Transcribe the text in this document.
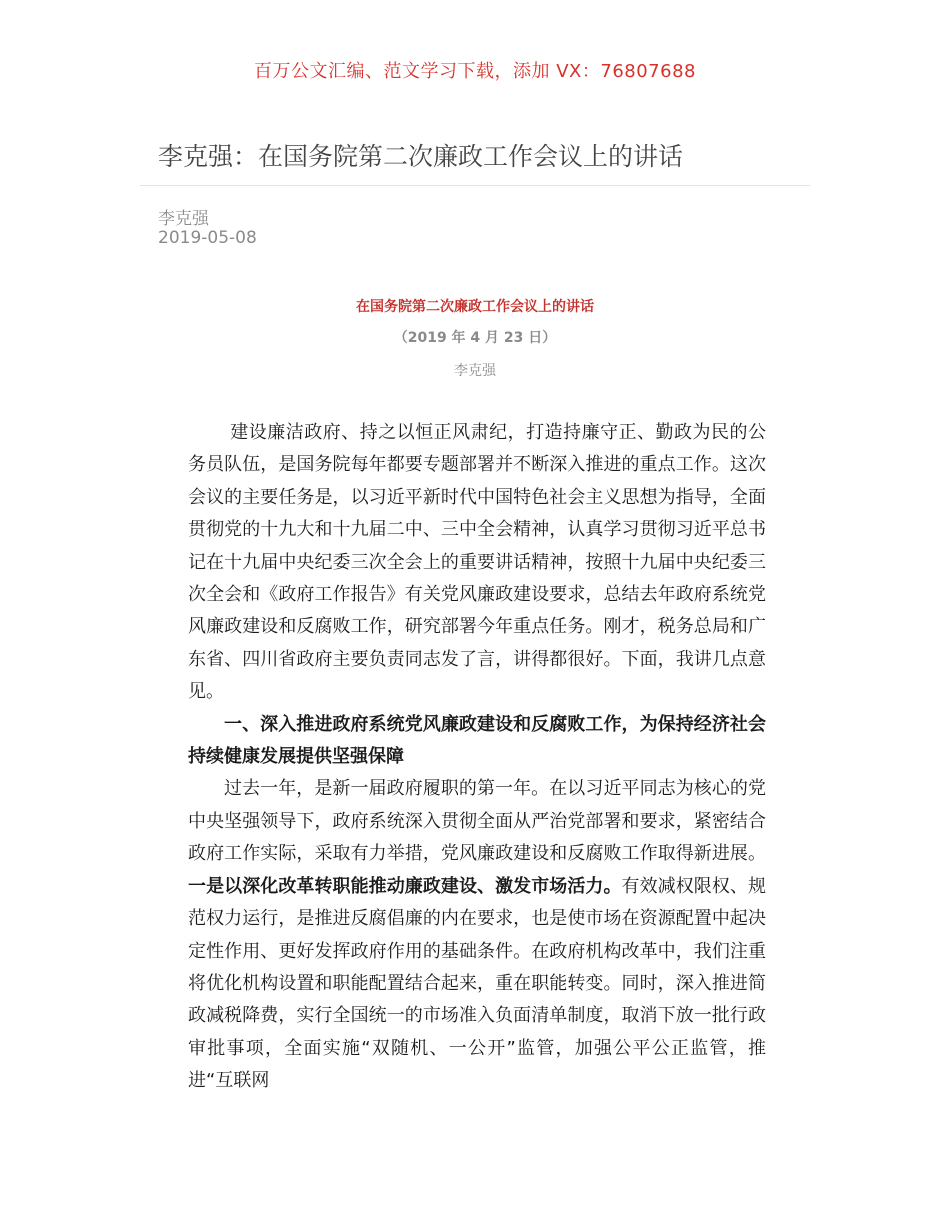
百万公文汇编、范文学习下载，添加 VX：76807688
李克强：在国务院第二次廉政工作会议上的讲话
李克强
2019-05-08
在国务院第二次廉政工作会议上的讲话
（2019 年 4 月 23 日）
李克强

建设廉洁政府、持之以恒正风肃纪，打造持廉守正、勤政为民的公务员队伍，是国务院每年都要专题部署并不断深入推进的重点工作。这次会议的主要任务是，以习近平新时代中国特色社会主义思想为指导，全面贯彻党的十九大和十九届二中、三中全会精神，认真学习贯彻习近平总书记在十九届中央纪委三次全会上的重要讲话精神，按照十九届中央纪委三次全会和《政府工作报告》有关党风廉政建设要求，总结去年政府系统党风廉政建设和反腐败工作，研究部署今年重点任务。刚才，税务总局和广东省、四川省政府主要负责同志发了言，讲得都很好。下面，我讲几点意见。

一、深入推进政府系统党风廉政建设和反腐败工作，为保持经济社会持续健康发展提供坚强保障

过去一年，是新一届政府履职的第一年。在以习近平同志为核心的党中央坚强领导下，政府系统深入贯彻全面从严治党部署和要求，紧密结合政府工作实际，采取有力举措，党风廉政建设和反腐败工作取得新进展。一是以深化改革转职能推动廉政建设、激发市场活力。有效减权限权、规范权力运行，是推进反腐倡廉的内在要求，也是使市场在资源配置中起决定性作用、更好发挥政府作用的基础条件。在政府机构改革中，我们注重将优化机构设置和职能配置结合起来，重在职能转变。同时，深入推进简政减税降费，实行全国统一的市场准入负面清单制度，取消下放一批行政审批事项，全面实施“双随机、一公开”监管，加强公平公正监管，推进“互联网
